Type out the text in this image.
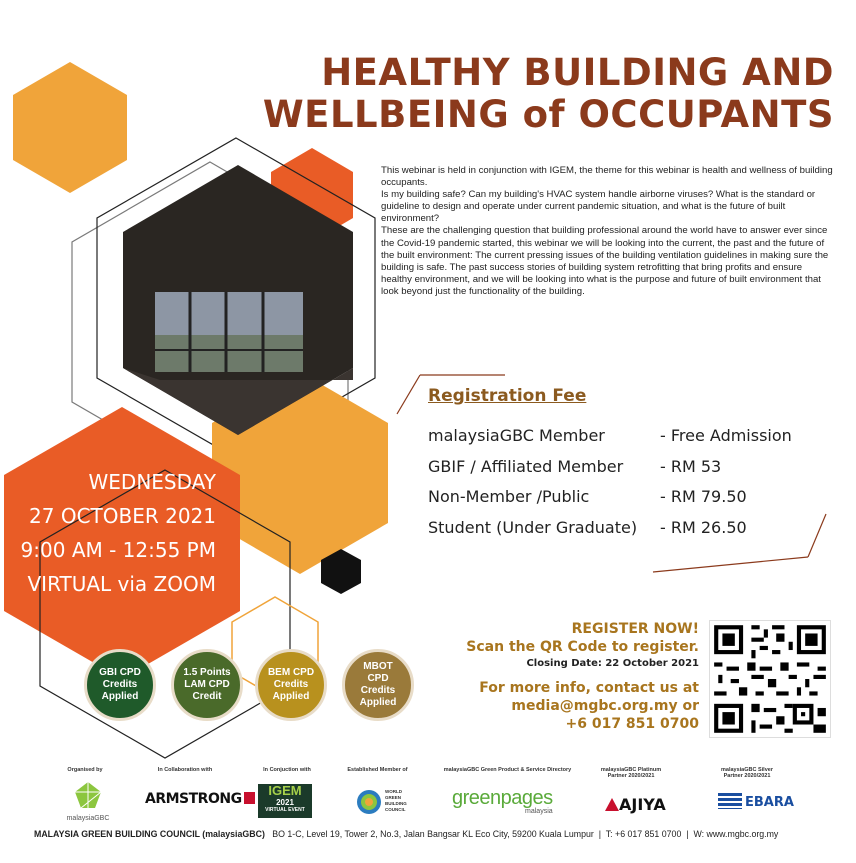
HEALTHY BUILDING AND
WELLBEING of OCCUPANTS

This webinar is held in conjunction with IGEM, the theme for this webinar is health and wellness of building occupants.

Is my building safe? Can my building's HVAC system handle airborne viruses? What is the standard or guideline to design and operate under current pandemic situation, and what is the future of built environment?

These are the challenging question that building professional around the world have to answer ever since the Covid-19 pandemic started, this webinar we will be looking into the current, the past and the future of the built environment: The current pressing issues of the building ventilation guidelines in making sure the building is safe. The past success stories of building system retrofitting that bring profits and ensure healthy environment, and we will be looking into what is the purpose and future of built environment that look beyond just the functionality of the building.

Registration Fee
malaysiaGBC Member	- Free Admission
GBIF / Affiliated Member - RM 53
Non-Member /Public	- RM 79.50
Student (Under Graduate) - RM 26.50
WEDNESDAY
27 OCTOBER 2021
9:00 AM - 12:55 PM
VIRTUAL via ZOOM
GBI CPD Credits Applied
1.5 Points LAM CPD Credit
BEM CPD Credits Applied
MBOT CPD Credits Applied
REGISTER NOW!
Scan the QR Code to register.
Closing Date: 22 October 2021
For more info, contact us at
media@mgbc.org.my or
+6 017 851 0700
Organised by	In Collaboration with	In Conjuction with	Established Member of	malaysiaGBC Green Product & Service Directory	malaysiaGBC Platinum Partner 2020/2021
malaysiaGBC Silver Partner 2020/2021
malaysiaGBC
ARMSTRONG
IGEM
2021
VIRTUAL EVENT
WORLD GREEN BUILDING COUNCIL
greenpages
malaysia	AJIYA	EBARA
MALAYSIA GREEN BUILDING COUNCIL (malaysiaGBC) BO 1-C, Level 19, Tower 2, No.3, Jalan Bangsar KL Eco City, 59200 Kuala Lumpur  |  T: +6 017 851 0700  |  W: www.mgbc.org.my
